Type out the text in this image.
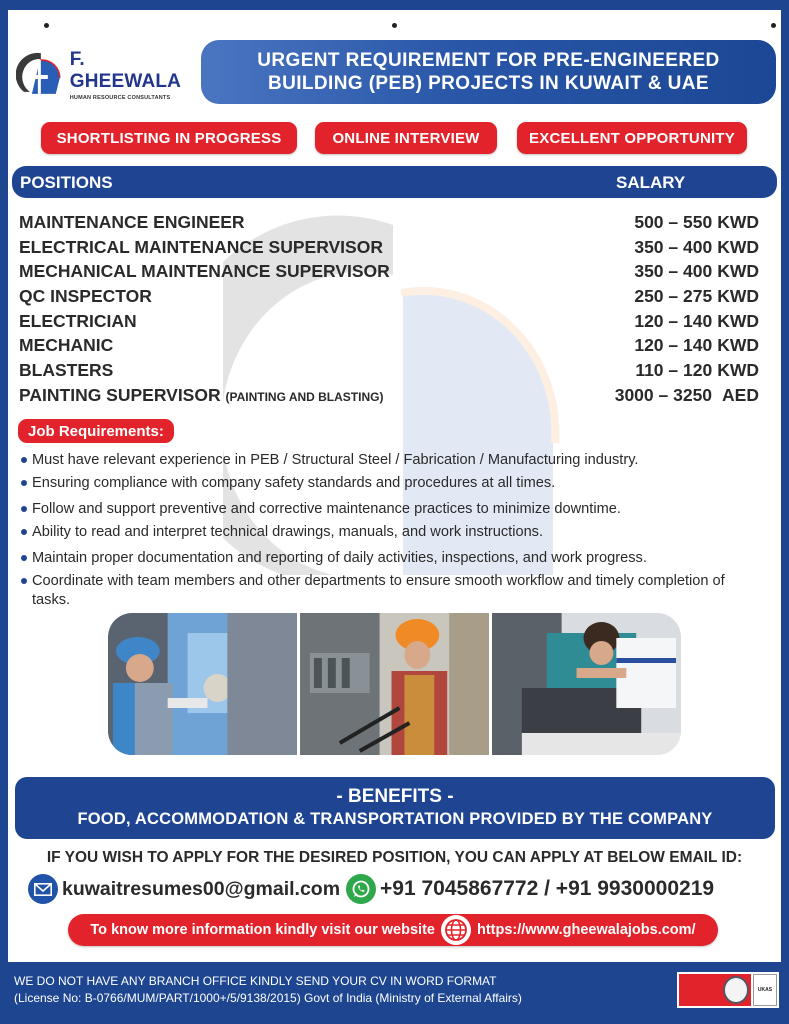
F. GHEEWALA
HUMAN RESOURCE CONSULTANTS
URGENT REQUIREMENT FOR PRE-ENGINEERED
BUILDING (PEB) PROJECTS IN KUWAIT & UAE
SHORTLISTING IN PROGRESS	ONLINE INTERVIEW	EXCELLENT OPPORTUNITY
POSITIONS	SALARY
MAINTENANCE ENGINEER	500 – 550 KWD
ELECTRICAL MAINTENANCE SUPERVISOR	350 – 400 KWD
MECHANICAL MAINTENANCE SUPERVISOR	350 – 400 KWD
QC INSPECTOR	250 – 275 KWD
ELECTRICIAN	120 – 140 KWD
MECHANIC	120 – 140 KWD
BLASTERS	110 – 120 KWD
PAINTING SUPERVISOR (PAINTING AND BLASTING)	3000 – 3250 AED
Job Requirements:
Must have relevant experience in PEB / Structural Steel / Fabrication / Manufacturing industry.
Ensuring compliance with company safety standards and procedures at all times.
Follow and support preventive and corrective maintenance practices to minimize downtime.
Ability to read and interpret technical drawings, manuals, and work instructions.
Maintain proper documentation and reporting of daily activities, inspections, and work progress.
Coordinate with team members and other departments to ensure smooth workflow and timely completion of tasks.
- BENEFITS -
FOOD, ACCOMMODATION & TRANSPORTATION PROVIDED BY THE COMPANY
IF YOU WISH TO APPLY FOR THE DESIRED POSITION, YOU CAN APPLY AT BELOW EMAIL ID:
kuwaitresumes00@gmail.com +91 7045867772 / +91 9930000219
To know more information kindly visit our website	https://www.gheewalajobs.com/
WE DO NOT HAVE ANY BRANCH OFFICE KINDLY SEND YOUR CV IN WORD FORMAT
(License No: B-0766/MUM/PART/1000+/5/9138/2015) Govt of India (Ministry of External Affairs)
UKAS
